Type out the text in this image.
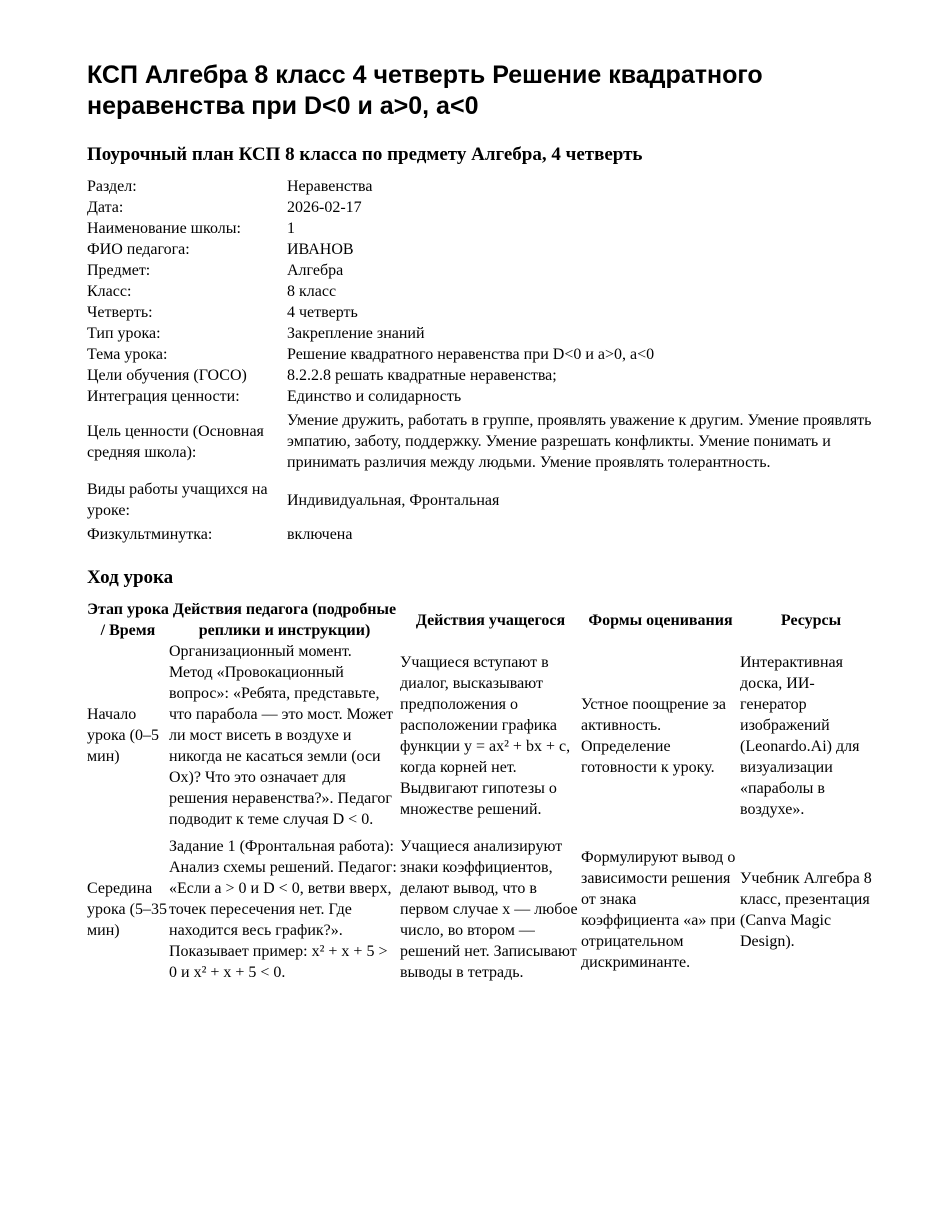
КСП Алгебра 8 класс 4 четверть Решение квадратного неравенства при D<0 и a>0, a<0
Поурочный план КСП 8 класса по предмету Алгебра, 4 четверть
Раздел:	Неравенства
Дата:	2026-02-17
Наименование школы:	1
ФИО педагога:	ИВАНОВ
Предмет:	Алгебра
Класс:	8 класс
Четверть:	4 четверть
Тип урока:	Закрепление знаний
Тема урока:	Решение квадратного неравенства при D<0 и a>0, a<0
Цели обучения (ГОСО)	8.2.2.8 решать квадратные неравенства;
Интеграция ценности:	Единство и солидарность
Цель ценности (Основная средняя школа):	Умение дружить, работать в группе, проявлять уважение к другим. Умение проявлять эмпатию, заботу, поддержку. Умение разрешать конфликты. Умение понимать и принимать различия между людьми. Умение проявлять толерантность.
Виды работы учащихся на уроке:	Индивидуальная, Фронтальная
Физкультминутка:	включена
Ход урока
Этап урока / Время	Действия педагога (подробные реплики и инструкции)	Действия учащегося	Формы оценивания	Ресурсы
Начало урока (0–5 мин)	Организационный момент. Метод «Провокационный вопрос»: «Ребята, представьте, что парабола — это мост. Может ли мост висеть в воздухе и никогда не касаться земли (оси Ox)? Что это означает для решения неравенства?». Педагог подводит к теме случая D < 0.	Учащиеся вступают в диалог, высказывают предположения о расположении графика функции y = ax² + bx + c, когда корней нет. Выдвигают гипотезы о множестве решений.	Устное поощрение за активность. Определение готовности к уроку.	Интерактивная доска, ИИ-генератор изображений (Leonardo.Ai) для визуализации «параболы в воздухе».
Середина урока (5–35 мин)	Задание 1 (Фронтальная работа): Анализ схемы решений. Педагог: «Если a > 0 и D < 0, ветви вверх, точек пересечения нет. Где находится весь график?». Показывает пример: x² + x + 5 > 0 и x² + x + 5 < 0.	Учащиеся анализируют знаки коэффициентов, делают вывод, что в первом случае x — любое число, во втором — решений нет. Записывают выводы в тетрадь.	Формулируют вывод о зависимости решения от знака коэффициента «a» при отрицательном дискриминанте.	Учебник Алгебра 8 класс, презентация (Canva Magic Design).
